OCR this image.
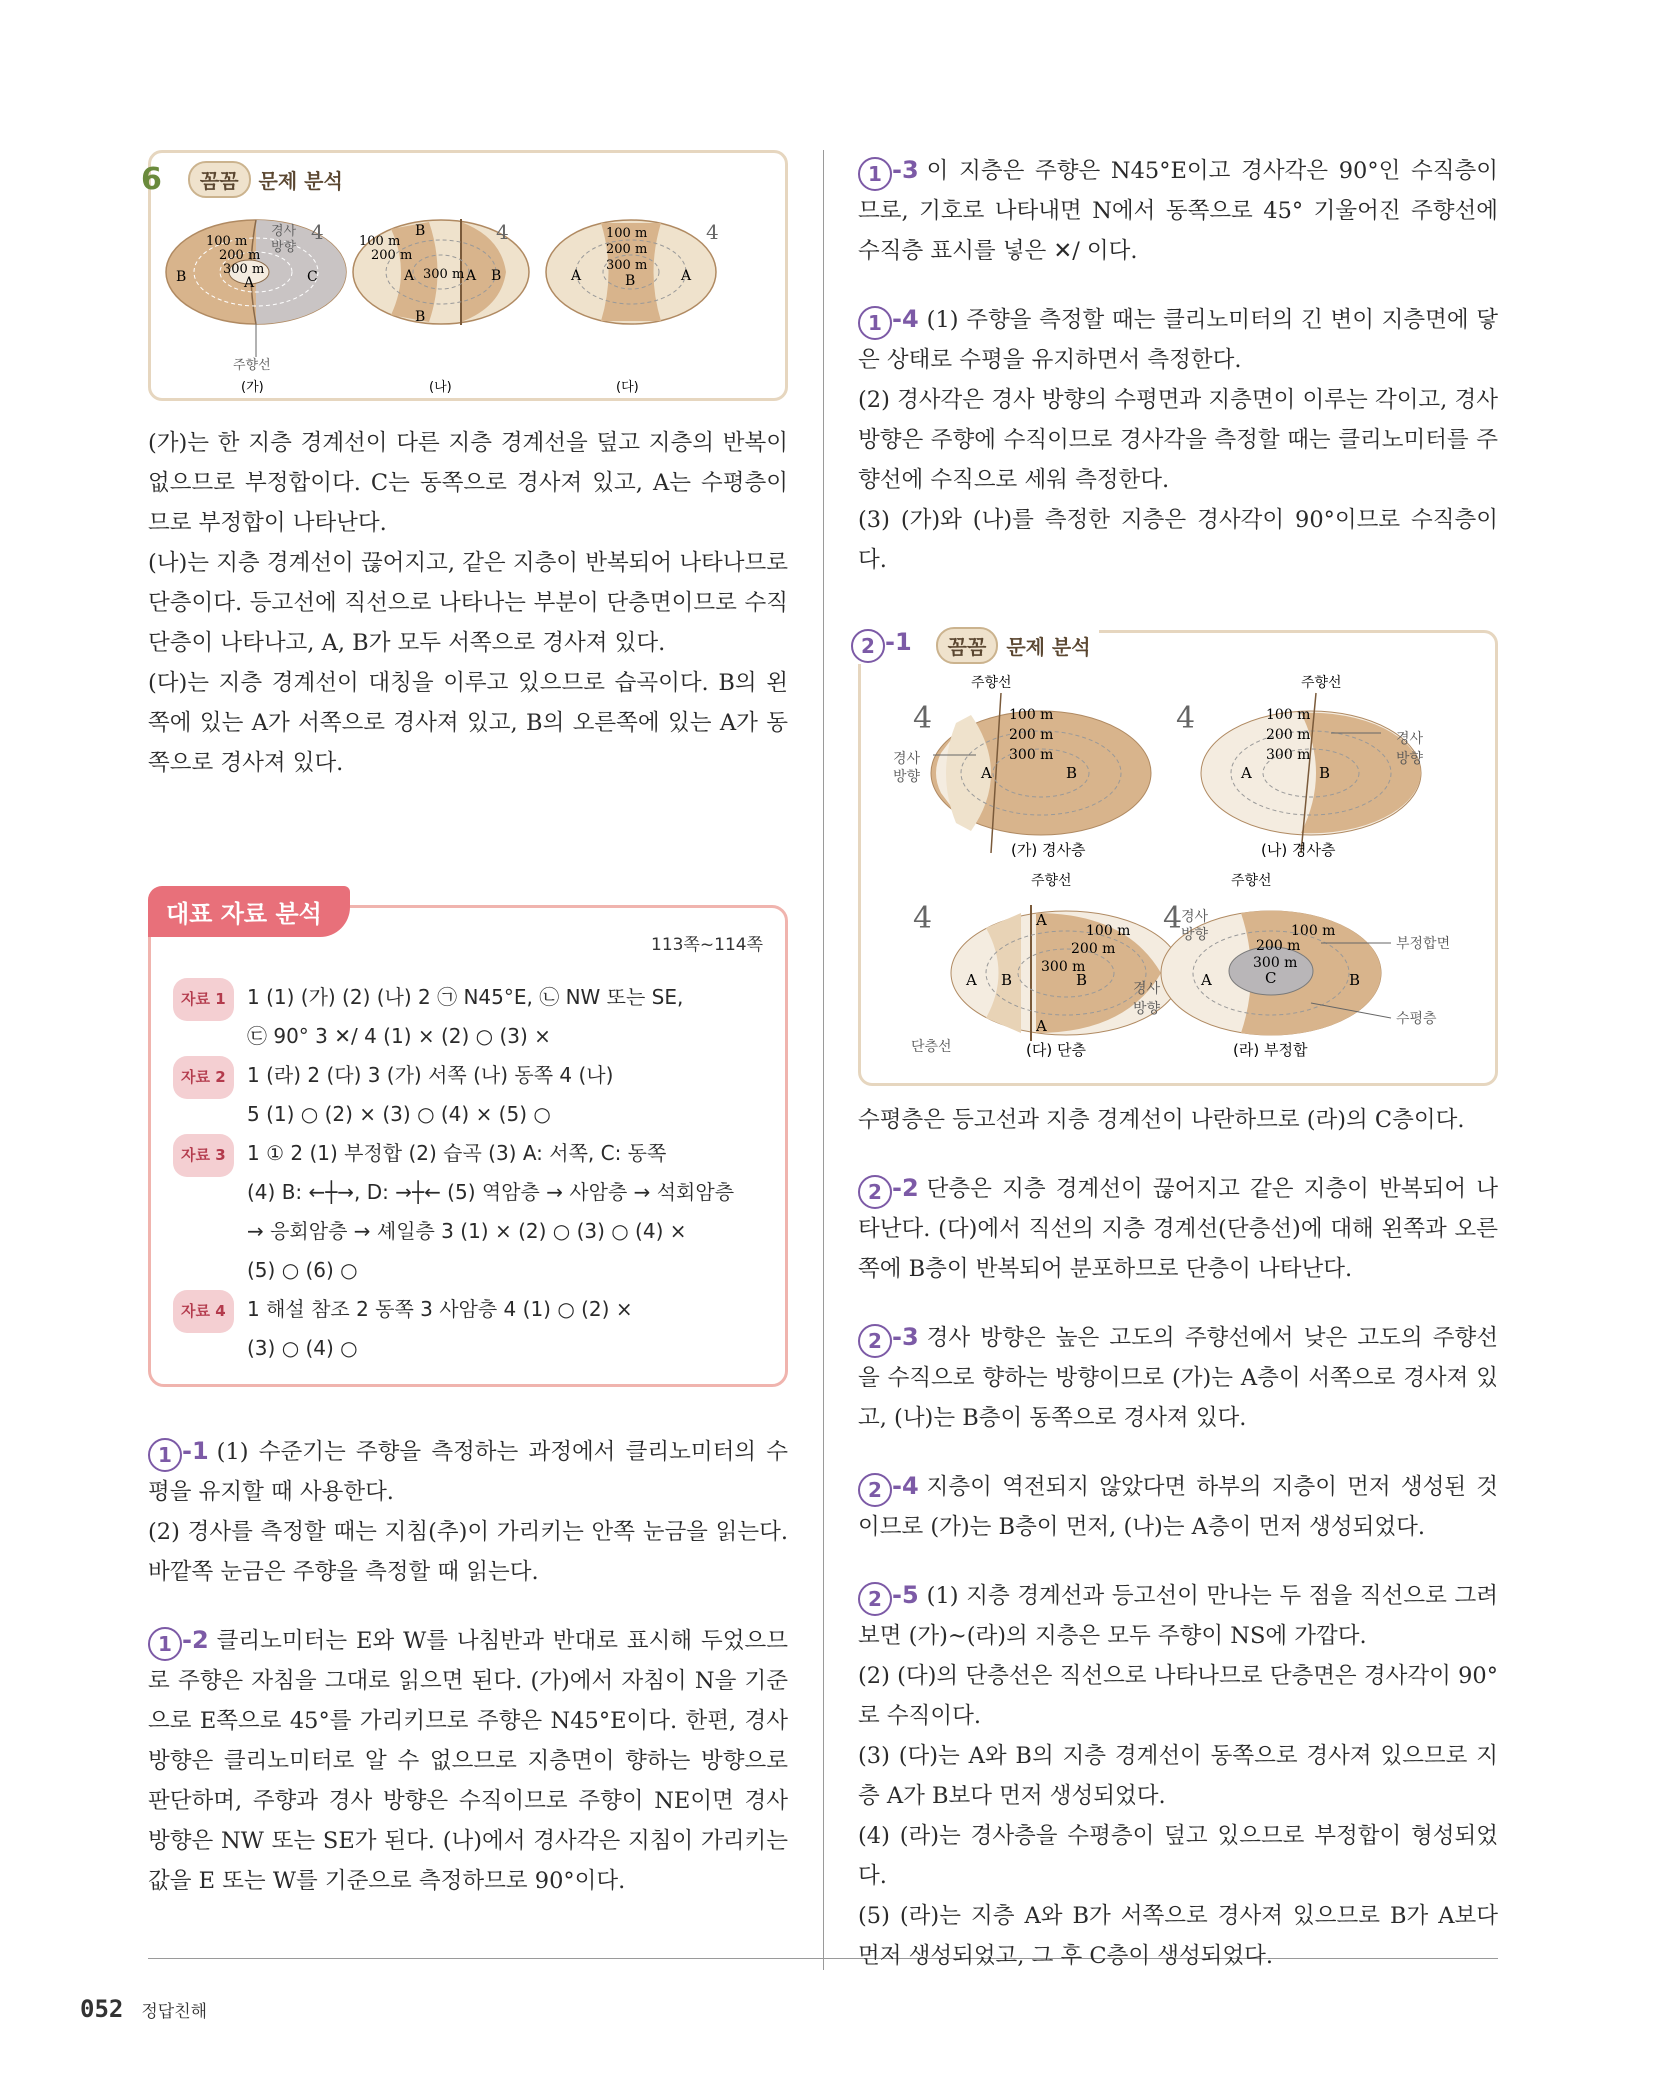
6	꼼꼼	문제 분석
100 m
200 m
300 m
A
B	C
경사
방향
4
주향선
(가)
100 m
200 m
300 m
A	A
B
B
B
4
(나)
100 m
200 m
300 m
B
A	A
4
(다)

(가)는 한 지층 경계선이 다른 지층 경계선을 덮고 지층의 반복이 없으므로 부정합이다. C는 동쪽으로 경사져 있고, A는 수평층이므로 부정합이 나타난다.

(나)는 지층 경계선이 끊어지고, 같은 지층이 반복되어 나타나므로 단층이다. 등고선에 직선으로 나타나는 부분이 단층면이므로 수직 단층이 나타나고, A, B가 모두 서쪽으로 경사져 있다.

(다)는 지층 경계선이 대칭을 이루고 있으므로 습곡이다. B의 왼쪽에 있는 A가 서쪽으로 경사져 있고, B의 오른쪽에 있는 A가 동쪽으로 경사져 있다.

대표 자료 분석
113쪽~114쪽
자료 1	1 (1) (가) (2) (나) 2 ㉠ N45°E, ㉡ NW 또는 SE,
㉢ 90° 3 ✕/ 4 (1) × (2) ○ (3) ×
자료 2	1 (라) 2 (다) 3 (가) 서쪽 (나) 동쪽 4 (나)
5 (1) ○ (2) × (3) ○ (4) × (5) ○
자료 3	1 ① 2 (1) 부정합 (2) 습곡 (3) A: 서쪽, C: 동쪽
(4) B: ←┼→, D: →┼← (5) 역암층 → 사암층 → 석회암층
→ 응회암층 → 셰일층 3 (1) × (2) ○ (3) ○ (4) ×
(5) ○ (6) ○
자료 4	1 해설 참조 2 동쪽 3 사암층 4 (1) ○ (2) ×
(3) ○ (4) ○

1 -1 (1) 수준기는 주향을 측정하는 과정에서 클리노미터의 수평을 유지할 때 사용한다.

(2) 경사를 측정할 때는 지침(추)이 가리키는 안쪽 눈금을 읽는다. 바깥쪽 눈금은 주향을 측정할 때 읽는다.

1 -2 클리노미터는 E와 W를 나침반과 반대로 표시해 두었으므로 주향은 자침을 그대로 읽으면 된다. (가)에서 자침이 N을 기준으로 E쪽으로 45°를 가리키므로 주향은 N45°E이다. 한편, 경사 방향은 클리노미터로 알 수 없으므로 지층면이 향하는 방향으로 판단하며, 주향과 경사 방향은 수직이므로 주향이 NE이면 경사 방향은 NW 또는 SE가 된다. (나)에서 경사각은 지침이 가리키는 값을 E 또는 W를 기준으로 측정하므로 90°이다.

1 -3 이 지층은 주향은 N45°E이고 경사각은 90°인 수직층이므로, 기호로 나타내면 N에서 동쪽으로 45° 기울어진 주향선에 수직층 표시를 넣은 ✕/ 이다.

1 -4 (1) 주향을 측정할 때는 클리노미터의 긴 변이 지층면에 닿은 상태로 수평을 유지하면서 측정한다.

(2) 경사각은 경사 방향의 수평면과 지층면이 이루는 각이고, 경사 방향은 주향에 수직이므로 경사각을 측정할 때는 클리노미터를 주향선에 수직으로 세워 측정한다.

(3) (가)와 (나)를 측정한 지층은 경사각이 90°이므로 수직층이다.

2 -1	꼼꼼	문제 분석
주향선
100 m
200 m
300 m
A	B
4
경사
방향
(가) 경사층
주향선
100 m
200 m
300 m
A	B
4
경사
방향
(나) 경사층
주향선
100 m
200 m
300 m
A
A
A
B	B
4
경사
방향
단층선	(다) 단층
주향선
100 m
200 m
300 m
C
A	B
4
경사
방향
부정합면
수평층
(라) 부정합

수평층은 등고선과 지층 경계선이 나란하므로 (라)의 C층이다.

2 -2 단층은 지층 경계선이 끊어지고 같은 지층이 반복되어 나타난다. (다)에서 직선의 지층 경계선(단층선)에 대해 왼쪽과 오른쪽에 B층이 반복되어 분포하므로 단층이 나타난다.

2 -3 경사 방향은 높은 고도의 주향선에서 낮은 고도의 주향선을 수직으로 향하는 방향이므로 (가)는 A층이 서쪽으로 경사져 있고, (나)는 B층이 동쪽으로 경사져 있다.

2 -4 지층이 역전되지 않았다면 하부의 지층이 먼저 생성된 것이므로 (가)는 B층이 먼저, (나)는 A층이 먼저 생성되었다.

2 -5 (1) 지층 경계선과 등고선이 만나는 두 점을 직선으로 그려보면 (가)~(라)의 지층은 모두 주향이 NS에 가깝다.

(2) (다)의 단층선은 직선으로 나타나므로 단층면은 경사각이 90°로 수직이다.

(3) (다)는 A와 B의 지층 경계선이 동쪽으로 경사져 있으므로 지층 A가 B보다 먼저 생성되었다.

(4) (라)는 경사층을 수평층이 덮고 있으므로 부정합이 형성되었다.

(5) (라)는 지층 A와 B가 서쪽으로 경사져 있으므로 B가 A보다 먼저 생성되었고, 그 후 C층이 생성되었다.

052 정답친해
